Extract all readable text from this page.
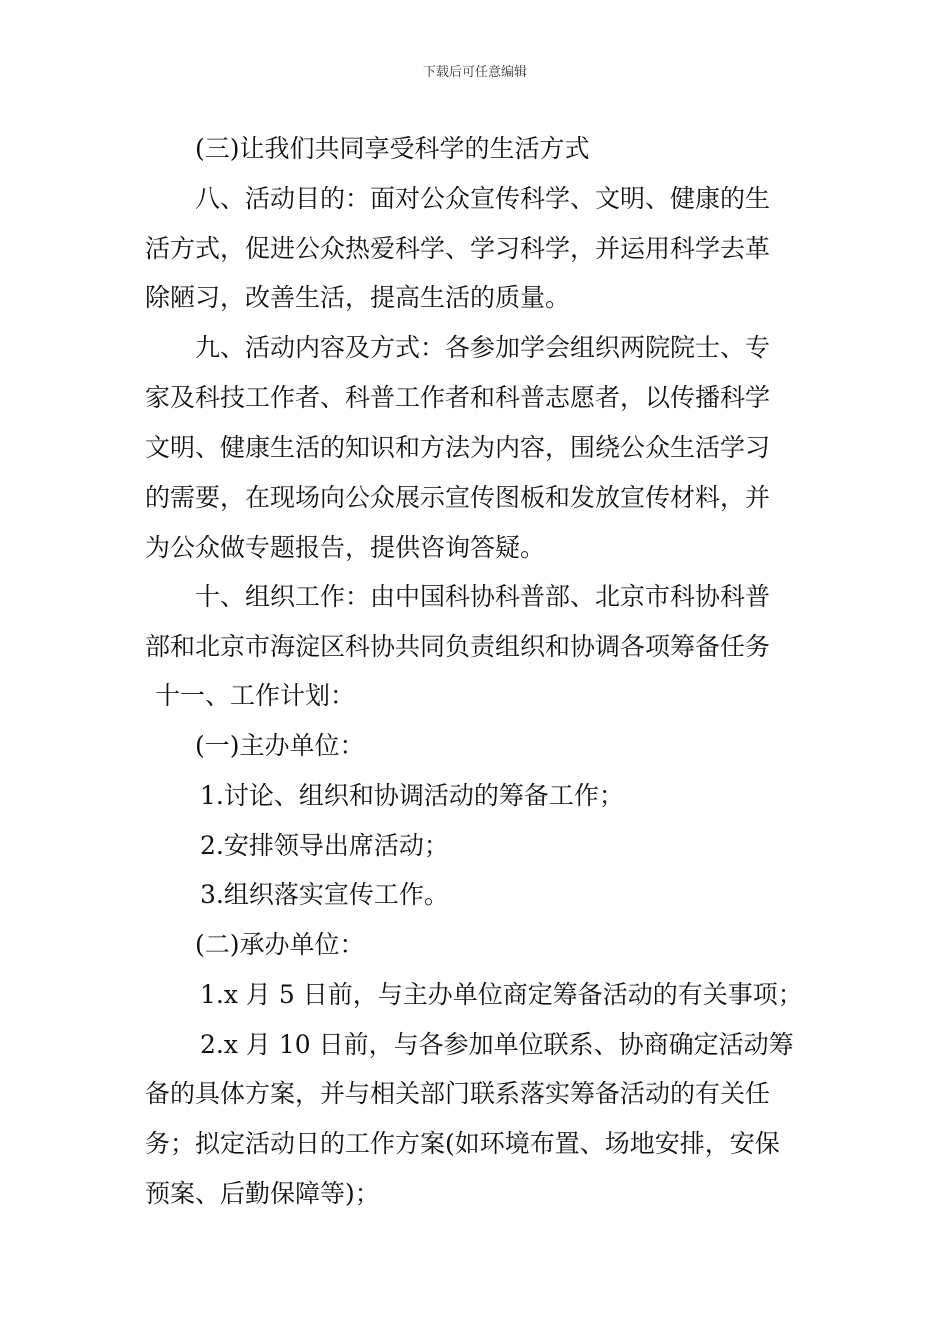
下载后可任意编辑
(三)让我们共同享受科学的生活方式
八、活动目的：面对公众宣传科学、文明、健康的生
活方式，促进公众热爱科学、学习科学，并运用科学去革
除陋习，改善生活，提高生活的质量。
九、活动内容及方式：各参加学会组织两院院士、专
家及科技工作者、科普工作者和科普志愿者，以传播科学
文明、健康生活的知识和方法为内容，围绕公众生活学习
的需要，在现场向公众展示宣传图板和发放宣传材料，并
为公众做专题报告，提供咨询答疑。
十、组织工作：由中国科协科普部、北京市科协科普
部和北京市海淀区科协共同负责组织和协调各项筹备任务
十一、工作计划：
(一)主办单位：
1.讨论、组织和协调活动的筹备工作；
2.安排领导出席活动；
3.组织落实宣传工作。
(二)承办单位：
1.x 月 5 日前，与主办单位商定筹备活动的有关事项；
2.x 月 10 日前，与各参加单位联系、协商确定活动筹
备的具体方案，并与相关部门联系落实筹备活动的有关任
务；拟定活动日的工作方案(如环境布置、场地安排，安保
预案、后勤保障等)；
